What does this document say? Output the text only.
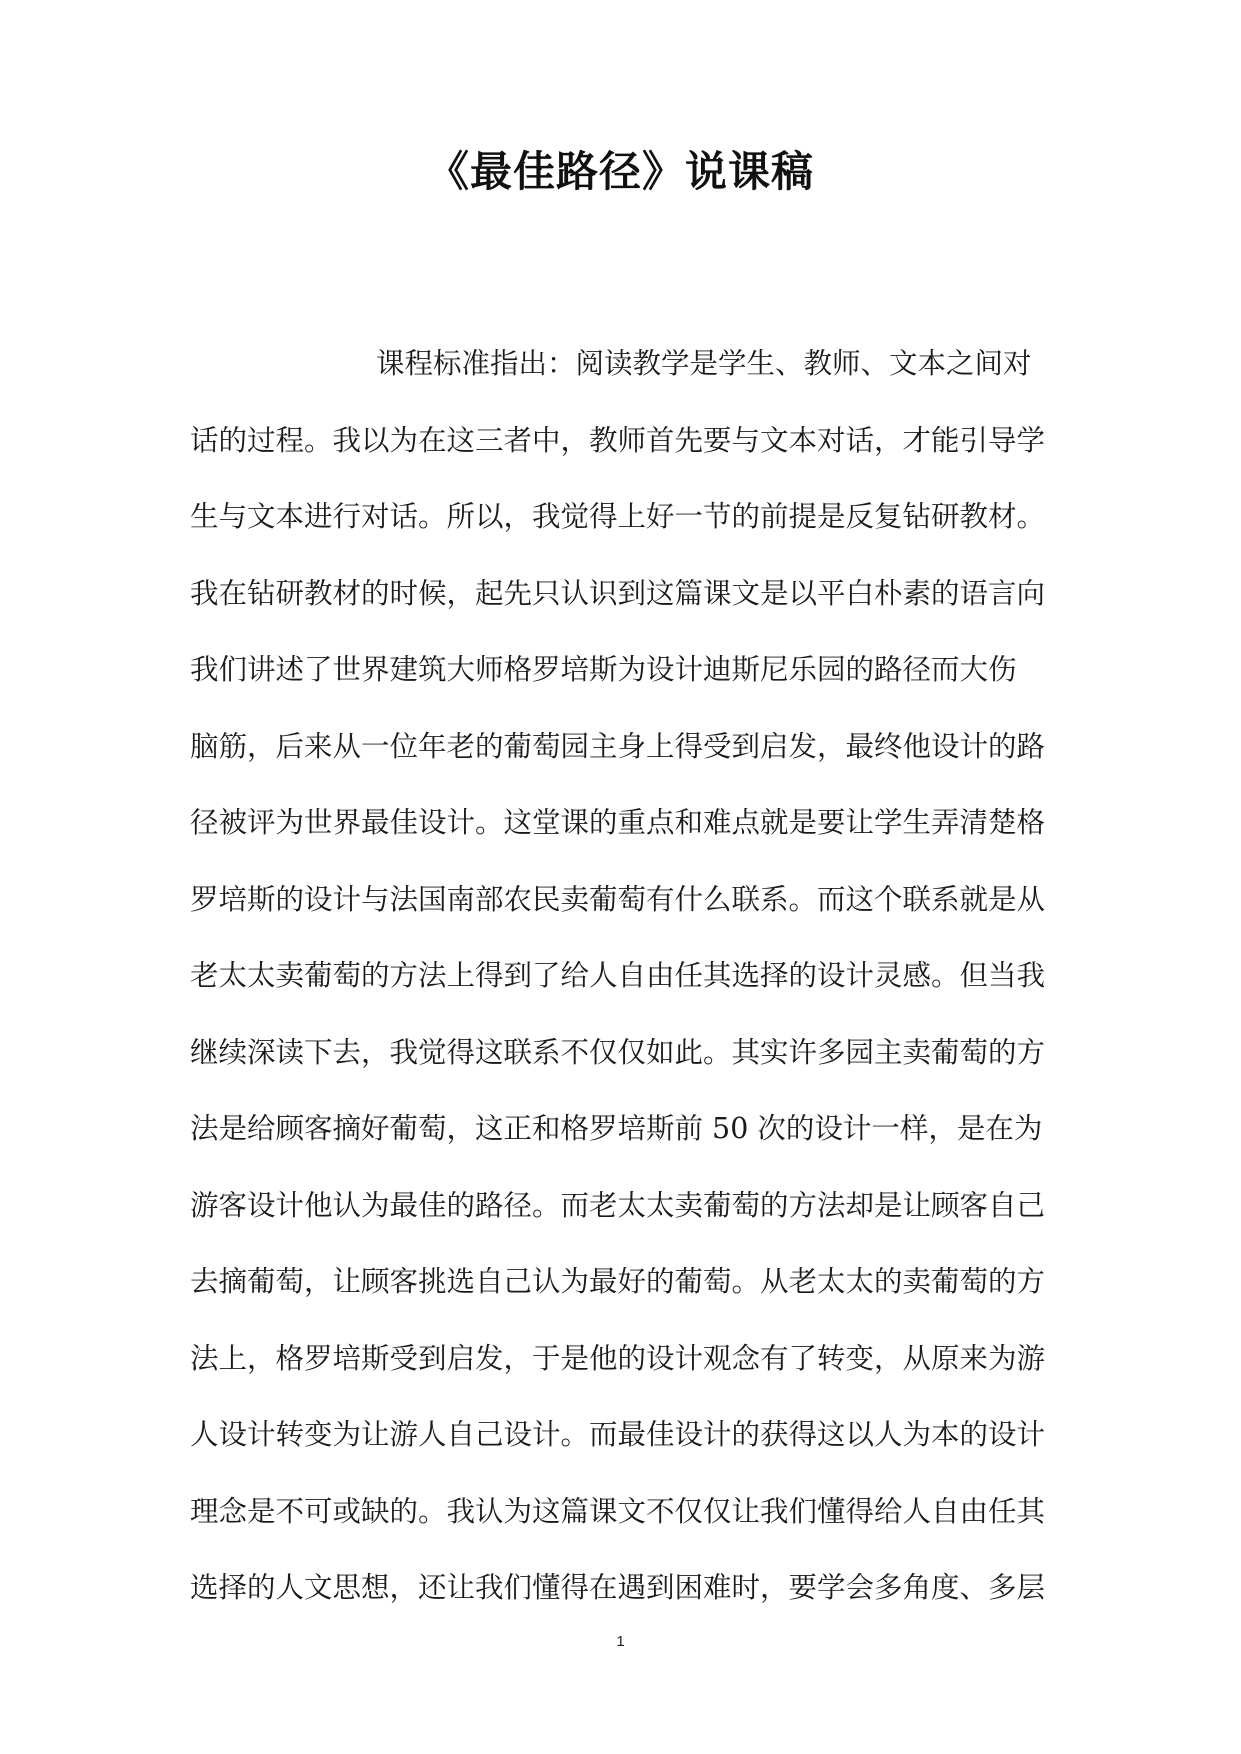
《最佳路径》说课稿
课程标准指出：阅读教学是学生、教师、文本之间对
话的过程。我以为在这三者中，教师首先要与文本对话，才能引导学
生与文本进行对话。所以，我觉得上好一节的前提是反复钻研教材。
我在钻研教材的时候，起先只认识到这篇课文是以平白朴素的语言向
我们讲述了世界建筑大师格罗培斯为设计迪斯尼乐园的路径而大伤
脑筋，后来从一位年老的葡萄园主身上得受到启发，最终他设计的路
径被评为世界最佳设计。这堂课的重点和难点就是要让学生弄清楚格
罗培斯的设计与法国南部农民卖葡萄有什么联系。而这个联系就是从
老太太卖葡萄的方法上得到了给人自由任其选择的设计灵感。但当我
继续深读下去，我觉得这联系不仅仅如此。其实许多园主卖葡萄的方
法是给顾客摘好葡萄，这正和格罗培斯前 50 次的设计一样，是在为
游客设计他认为最佳的路径。而老太太卖葡萄的方法却是让顾客自己
去摘葡萄，让顾客挑选自己认为最好的葡萄。从老太太的卖葡萄的方
法上，格罗培斯受到启发，于是他的设计观念有了转变，从原来为游
人设计转变为让游人自己设计。而最佳设计的获得这以人为本的设计
理念是不可或缺的。我认为这篇课文不仅仅让我们懂得给人自由任其
选择的人文思想，还让我们懂得在遇到困难时，要学会多角度、多层
1
